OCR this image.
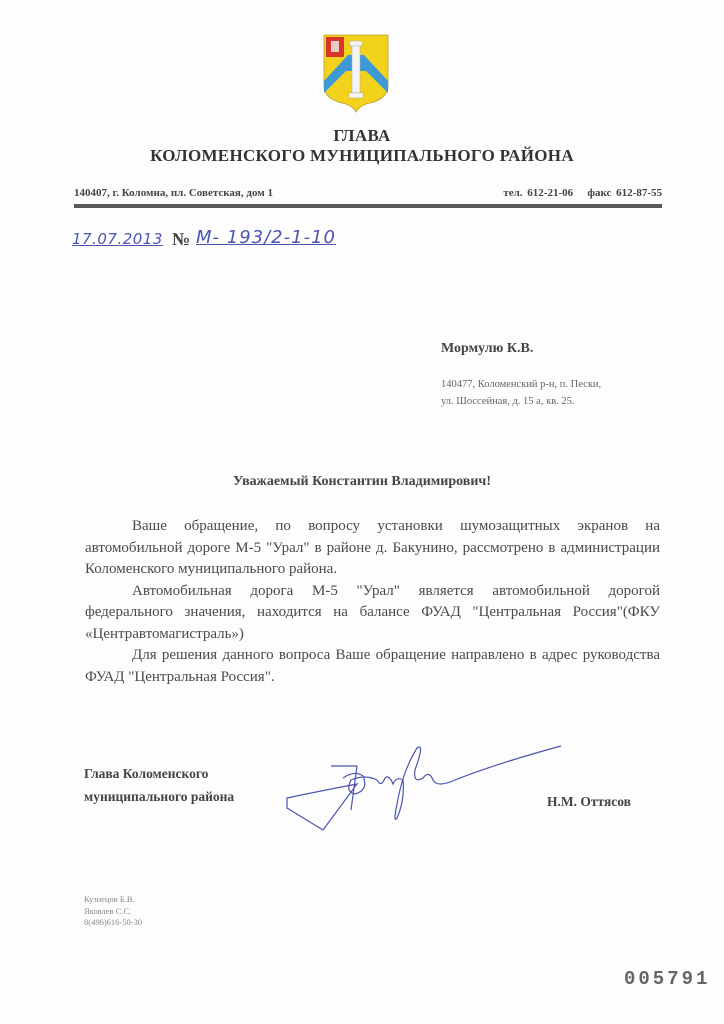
ГЛАВА
КОЛОМЕНСКОГО МУНИЦИПАЛЬНОГО РАЙОНА
140407, г. Коломна, пл. Советская, дом 1	тел. 612-21-06   факс 612-87-55
17.07.2013 № М- 193/2-1-10
Мормулю К.В.
140477, Коломенский р-н, п. Пески,
ул. Шоссейная, д. 15 а, кв. 25.
Уважаемый Константин Владимирович!

Ваше обращение, по вопросу установки шумозащитных экранов на автомобильной дороге М-5 "Урал" в районе д. Бакунино, рассмотрено в администрации Коломенского муниципального района.

Автомобильная дорога М-5 "Урал" является автомобильной дорогой федерального значения, находится на балансе ФУАД "Центральная Россия"(ФКУ «Центравтомагистраль»)

Для решения данного вопроса Ваше обращение направлено в адрес руководства ФУАД "Центральная Россия".

Глава Коломенского
муниципального района	Н.М. Оттясов
Кузнецов Б.В.
Яковлев С.С.
8(496)616-50-30
005791
